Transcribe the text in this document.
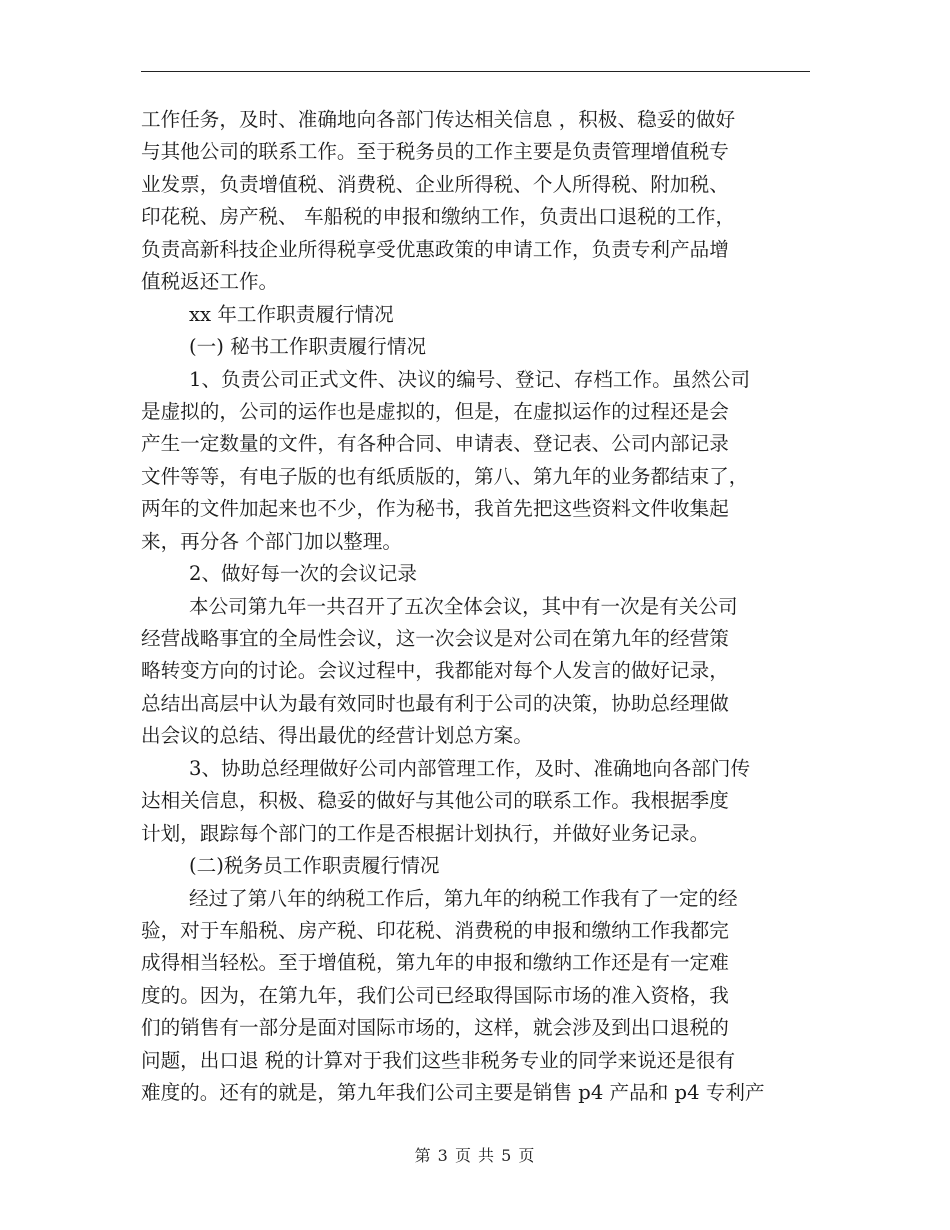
工作任务，及时、准确地向各部门传达相关信息 ，积极、稳妥的做好
与其他公司的联系工作。至于税务员的工作主要是负责管理增值税专
业发票，负责增值税、消费税、企业所得税、个人所得税、附加税、
印花税、房产税、 车船税的申报和缴纳工作，负责出口退税的工作，
负责高新科技企业所得税享受优惠政策的申请工作，负责专利产品增
值税返还工作。
xx 年工作职责履行情况
(一) 秘书工作职责履行情况
1、负责公司正式文件、决议的编号、登记、存档工作。虽然公司
是虚拟的，公司的运作也是虚拟的，但是，在虚拟运作的过程还是会
产生一定数量的文件，有各种合同、申请表、登记表、公司内部记录
文件等等，有电子版的也有纸质版的，第八、第九年的业务都结束了，
两年的文件加起来也不少，作为秘书，我首先把这些资料文件收集起
来，再分各 个部门加以整理。
2、做好每一次的会议记录
本公司第九年一共召开了五次全体会议，其中有一次是有关公司
经营战略事宜的全局性会议，这一次会议是对公司在第九年的经营策
略转变方向的讨论。会议过程中，我都能对每个人发言的做好记录，
总结出高层中认为最有效同时也最有利于公司的决策，协助总经理做
出会议的总结、得出最优的经营计划总方案。
3、协助总经理做好公司内部管理工作，及时、准确地向各部门传
达相关信息，积极、稳妥的做好与其他公司的联系工作。我根据季度
计划，跟踪每个部门的工作是否根据计划执行，并做好业务记录。
(二)税务员工作职责履行情况
经过了第八年的纳税工作后，第九年的纳税工作我有了一定的经
验，对于车船税、房产税、印花税、消费税的申报和缴纳工作我都完
成得相当轻松。至于增值税，第九年的申报和缴纳工作还是有一定难
度的。因为，在第九年，我们公司已经取得国际市场的准入资格，我
们的销售有一部分是面对国际市场的，这样，就会涉及到出口退税的
问题，出口退 税的计算对于我们这些非税务专业的同学来说还是很有
难度的。还有的就是，第九年我们公司主要是销售 p4 产品和 p4 专利产
第 3 页 共 5 页
